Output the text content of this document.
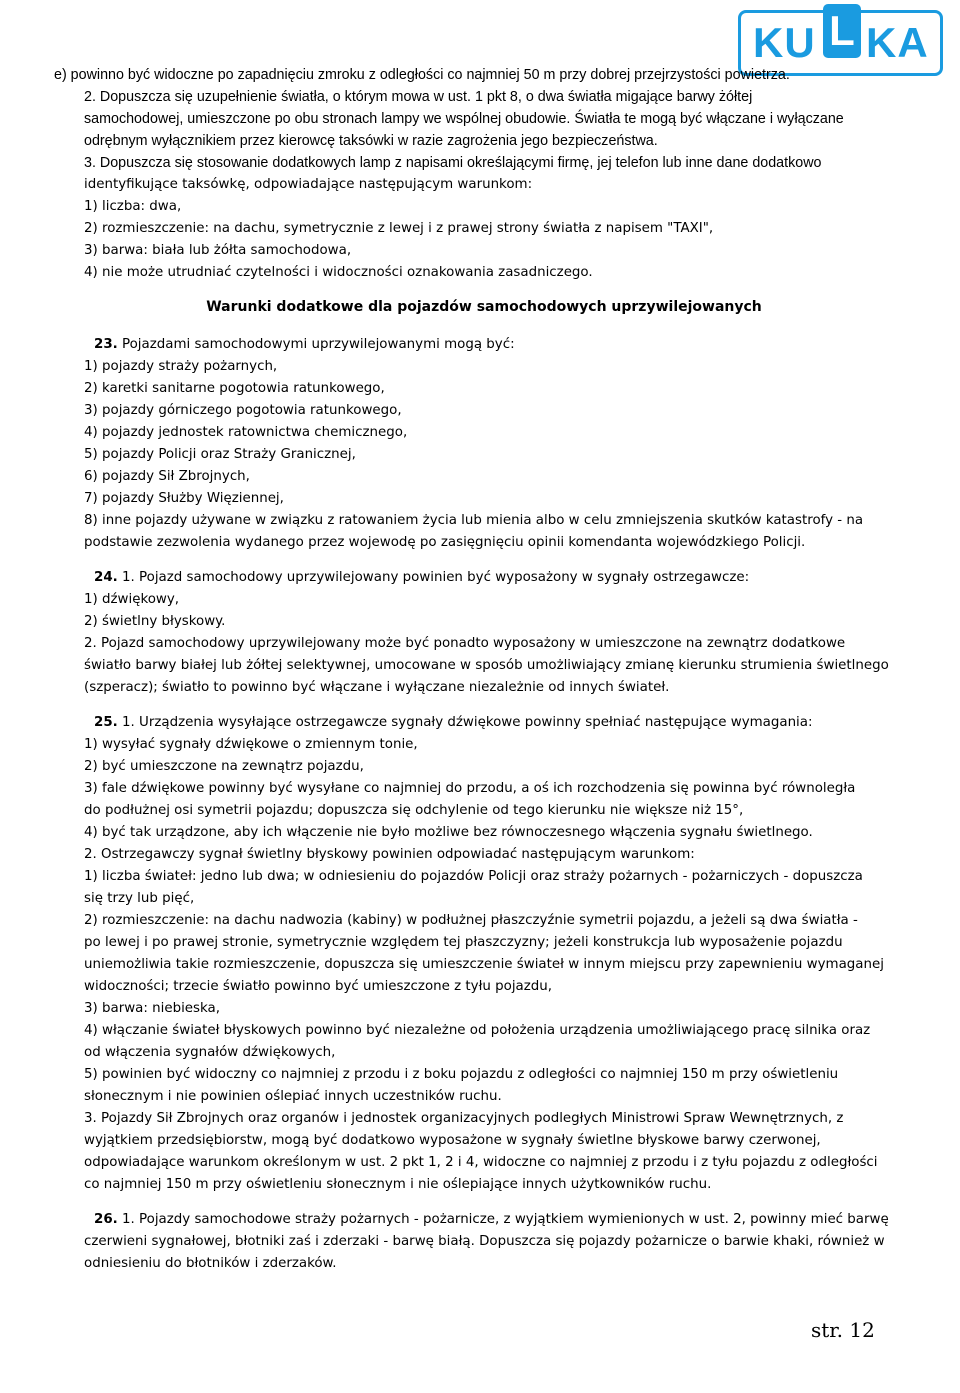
KU L KA
e) powinno być widoczne po zapadnięciu zmroku z odległości co najmniej 50 m przy dobrej przejrzystości powietrza.
2. Dopuszcza się uzupełnienie światła, o którym mowa w ust. 1 pkt 8, o dwa światła migające barwy żółtej
samochodowej, umieszczone po obu stronach lampy we wspólnej obudowie. Światła te mogą być włączane i wyłączane
odrębnym wyłącznikiem przez kierowcę taksówki w razie zagrożenia jego bezpieczeństwa.
3. Dopuszcza się stosowanie dodatkowych lamp z napisami określającymi firmę, jej telefon lub inne dane dodatkowo
identyfikujące taksówkę, odpowiadające następującym warunkom:
1) liczba: dwa,
2) rozmieszczenie: na dachu, symetrycznie z lewej i z prawej strony światła z napisem "TAXI",
3) barwa: biała lub żółta samochodowa,
4) nie może utrudniać czytelności i widoczności oznakowania zasadniczego.
Warunki dodatkowe dla pojazdów samochodowych uprzywilejowanych
23. Pojazdami samochodowymi uprzywilejowanymi mogą być:
1) pojazdy straży pożarnych,
2) karetki sanitarne pogotowia ratunkowego,
3) pojazdy górniczego pogotowia ratunkowego,
4) pojazdy jednostek ratownictwa chemicznego,
5) pojazdy Policji oraz Straży Granicznej,
6) pojazdy Sił Zbrojnych,
7) pojazdy Służby Więziennej,
8) inne pojazdy używane w związku z ratowaniem życia lub mienia albo w celu zmniejszenia skutków katastrofy - na
podstawie zezwolenia wydanego przez wojewodę po zasięgnięciu opinii komendanta wojewódzkiego Policji.
24. 1. Pojazd samochodowy uprzywilejowany powinien być wyposażony w sygnały ostrzegawcze:
1) dźwiękowy,
2) świetlny błyskowy.
2. Pojazd samochodowy uprzywilejowany może być ponadto wyposażony w umieszczone na zewnątrz dodatkowe
światło barwy białej lub żółtej selektywnej, umocowane w sposób umożliwiający zmianę kierunku strumienia świetlnego
(szperacz); światło to powinno być włączane i wyłączane niezależnie od innych świateł.
25. 1. Urządzenia wysyłające ostrzegawcze sygnały dźwiękowe powinny spełniać następujące wymagania:
1) wysyłać sygnały dźwiękowe o zmiennym tonie,
2) być umieszczone na zewnątrz pojazdu,
3) fale dźwiękowe powinny być wysyłane co najmniej do przodu, a oś ich rozchodzenia się powinna być równoległa
do podłużnej osi symetrii pojazdu; dopuszcza się odchylenie od tego kierunku nie większe niż 15°,
4) być tak urządzone, aby ich włączenie nie było możliwe bez równoczesnego włączenia sygnału świetlnego.
2. Ostrzegawczy sygnał świetlny błyskowy powinien odpowiadać następującym warunkom:
1) liczba świateł: jedno lub dwa; w odniesieniu do pojazdów Policji oraz straży pożarnych - pożarniczych - dopuszcza
się trzy lub pięć,
2) rozmieszczenie: na dachu nadwozia (kabiny) w podłużnej płaszczyźnie symetrii pojazdu, a jeżeli są dwa światła -
po lewej i po prawej stronie, symetrycznie względem tej płaszczyzny; jeżeli konstrukcja lub wyposażenie pojazdu
uniemożliwia takie rozmieszczenie, dopuszcza się umieszczenie świateł w innym miejscu przy zapewnieniu wymaganej
widoczności; trzecie światło powinno być umieszczone z tyłu pojazdu,
3) barwa: niebieska,
4) włączanie świateł błyskowych powinno być niezależne od położenia urządzenia umożliwiającego pracę silnika oraz
od włączenia sygnałów dźwiękowych,
5) powinien być widoczny co najmniej z przodu i z boku pojazdu z odległości co najmniej 150 m przy oświetleniu
słonecznym i nie powinien oślepiać innych uczestników ruchu.
3. Pojazdy Sił Zbrojnych oraz organów i jednostek organizacyjnych podległych Ministrowi Spraw Wewnętrznych, z
wyjątkiem przedsiębiorstw, mogą być dodatkowo wyposażone w sygnały świetlne błyskowe barwy czerwonej,
odpowiadające warunkom określonym w ust. 2 pkt 1, 2 i 4, widoczne co najmniej z przodu i z tyłu pojazdu z odległości
co najmniej 150 m przy oświetleniu słonecznym i nie oślepiające innych użytkowników ruchu.
26. 1. Pojazdy samochodowe straży pożarnych - pożarnicze, z wyjątkiem wymienionych w ust. 2, powinny mieć barwę
czerwieni sygnałowej, błotniki zaś i zderzaki - barwę białą. Dopuszcza się pojazdy pożarnicze o barwie khaki, również w
odniesieniu do błotników i zderzaków.
str. 12
